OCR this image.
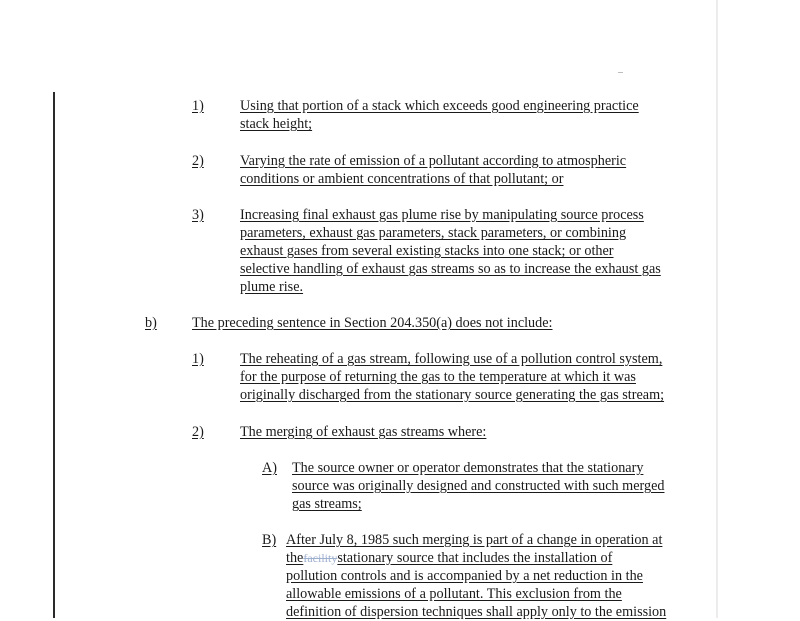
1)	Using that portion of a stack which exceeds good engineering practice
stack height;
2)	Varying the rate of emission of a pollutant according to atmospheric
conditions or ambient concentrations of that pollutant; or
3)	Increasing final exhaust gas plume rise by manipulating source process
parameters, exhaust gas parameters, stack parameters, or combining
exhaust gases from several existing stacks into one stack; or other
selective handling of exhaust gas streams so as to increase the exhaust gas
plume rise.
b) The preceding sentence in Section 204.350(a) does not include:
1)	The reheating of a gas stream, following use of a pollution control system,
for the purpose of returning the gas to the temperature at which it was
originally discharged from the stationary source generating the gas stream;
2)	The merging of exhaust gas streams where:
A) The source owner or operator demonstrates that the stationary
source was originally designed and constructed with such merged
gas streams;
B) After July 8, 1985 such merging is part of a change in operation at
thefacilitystationary source that includes the installation of
pollution controls and is accompanied by a net reduction in the
allowable emissions of a pollutant. This exclusion from the
definition of dispersion techniques shall apply only to the emission
